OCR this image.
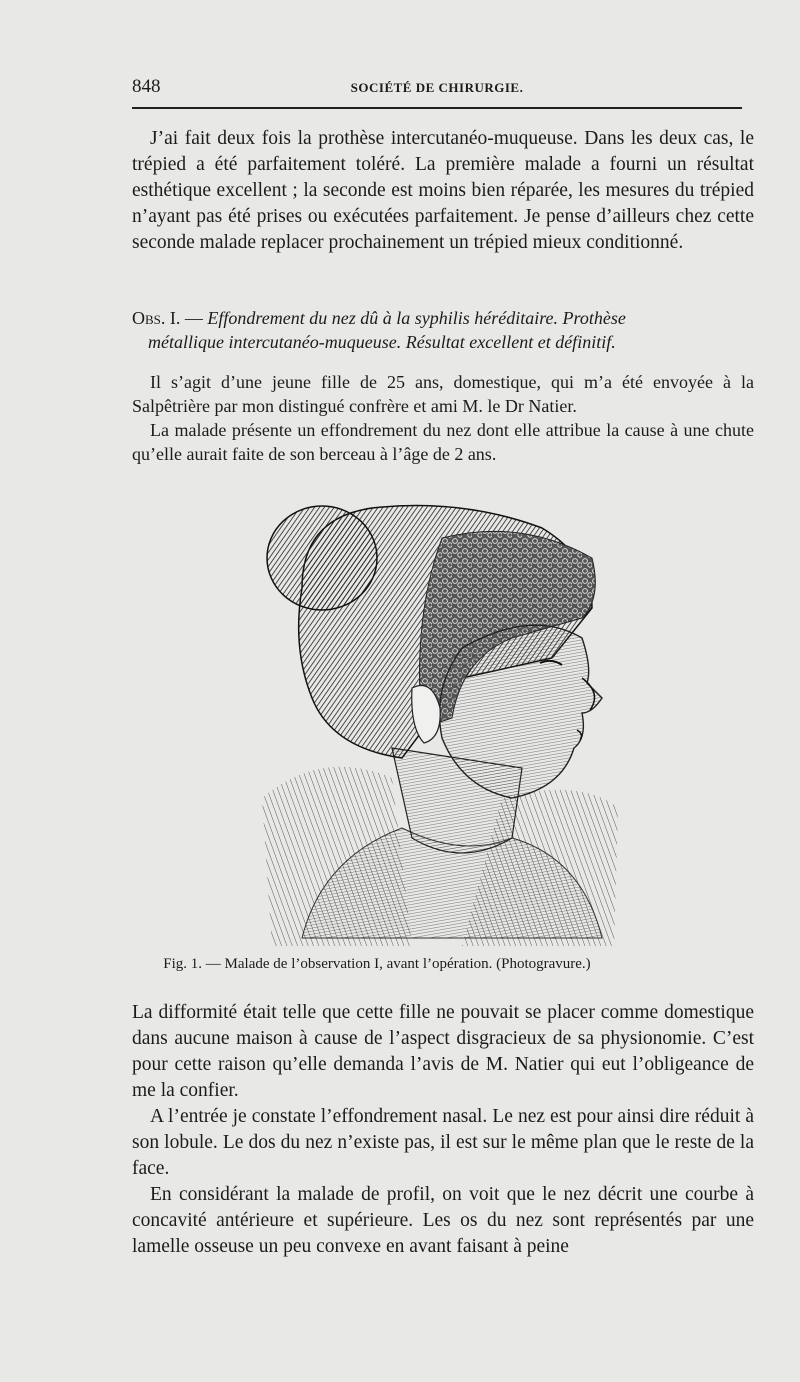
848	SOCIÉTÉ DE CHIRURGIE.

J’ai fait deux fois la prothèse intercutanéo-muqueuse. Dans les deux cas, le trépied a été parfaitement toléré. La première malade a fourni un résultat esthétique excellent ; la seconde est moins bien réparée, les mesures du trépied n’ayant pas été prises ou exécutées parfaitement. Je pense d’ailleurs chez cette seconde malade replacer prochainement un trépied mieux conditionné.

Obs. I. — Effondrement du nez dû à la syphilis héréditaire. Prothèse
métallique intercutanéo-muqueuse. Résultat excellent et définitif.

Il s’agit d’une jeune fille de 25 ans, domestique, qui m’a été envoyée à la Salpêtrière par mon distingué confrère et ami M. le Dr Natier.

La malade présente un effondrement du nez dont elle attribue la cause à une chute qu’elle aurait faite de son berceau à l’âge de 2 ans.

Fig. 1. — Malade de l’observation I, avant l’opération. (Photogravure.)

La difformité était telle que cette fille ne pouvait se placer comme domestique dans aucune maison à cause de l’aspect disgracieux de sa physionomie. C’est pour cette raison qu’elle demanda l’avis de M. Natier qui eut l’obligeance de me la confier.

A l’entrée je constate l’effondrement nasal. Le nez est pour ainsi dire réduit à son lobule. Le dos du nez n’existe pas, il est sur le même plan que le reste de la face.

En considérant la malade de profil, on voit que le nez décrit une courbe à concavité antérieure et supérieure. Les os du nez sont représentés par une lamelle osseuse un peu convexe en avant faisant à peine
